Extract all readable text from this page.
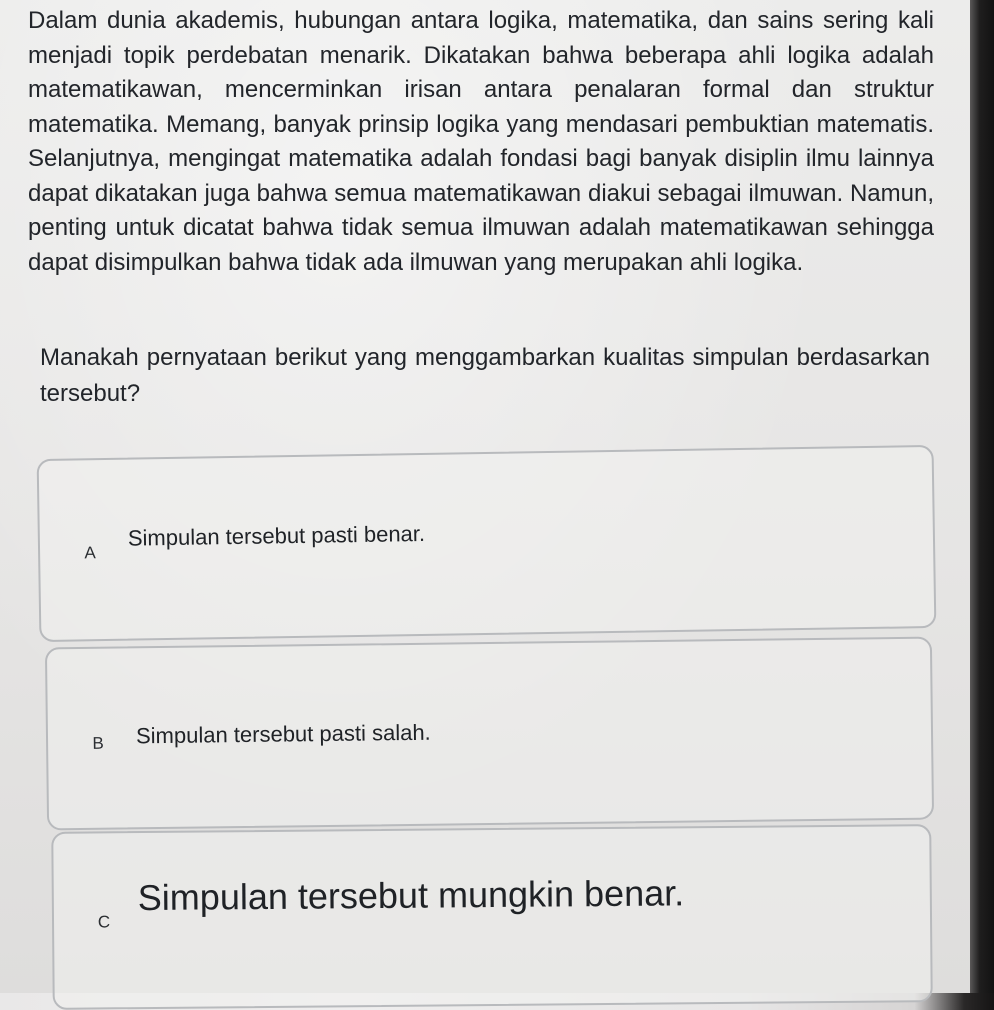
Dalam dunia akademis, hubungan antara logika, matematika, dan sains sering kali menjadi topik perdebatan menarik. Dikatakan bahwa beberapa ahli logika adalah matematikawan, mencerminkan irisan antara penalaran formal dan struktur matematika. Memang, banyak prinsip logika yang mendasari pembuktian matematis. Selanjutnya, mengingat matematika adalah fondasi bagi banyak disiplin ilmu lainnya dapat dikatakan juga bahwa semua matematikawan diakui sebagai ilmuwan. Namun, penting untuk dicatat bahwa tidak semua ilmuwan adalah matematikawan sehingga dapat disimpulkan bahwa tidak ada ilmuwan yang merupakan ahli logika.

Manakah pernyataan berikut yang menggambarkan kualitas simpulan berdasarkan tersebut?

A
Simpulan tersebut pasti benar.
B	Simpulan tersebut pasti salah.
C
Simpulan tersebut mungkin benar.
